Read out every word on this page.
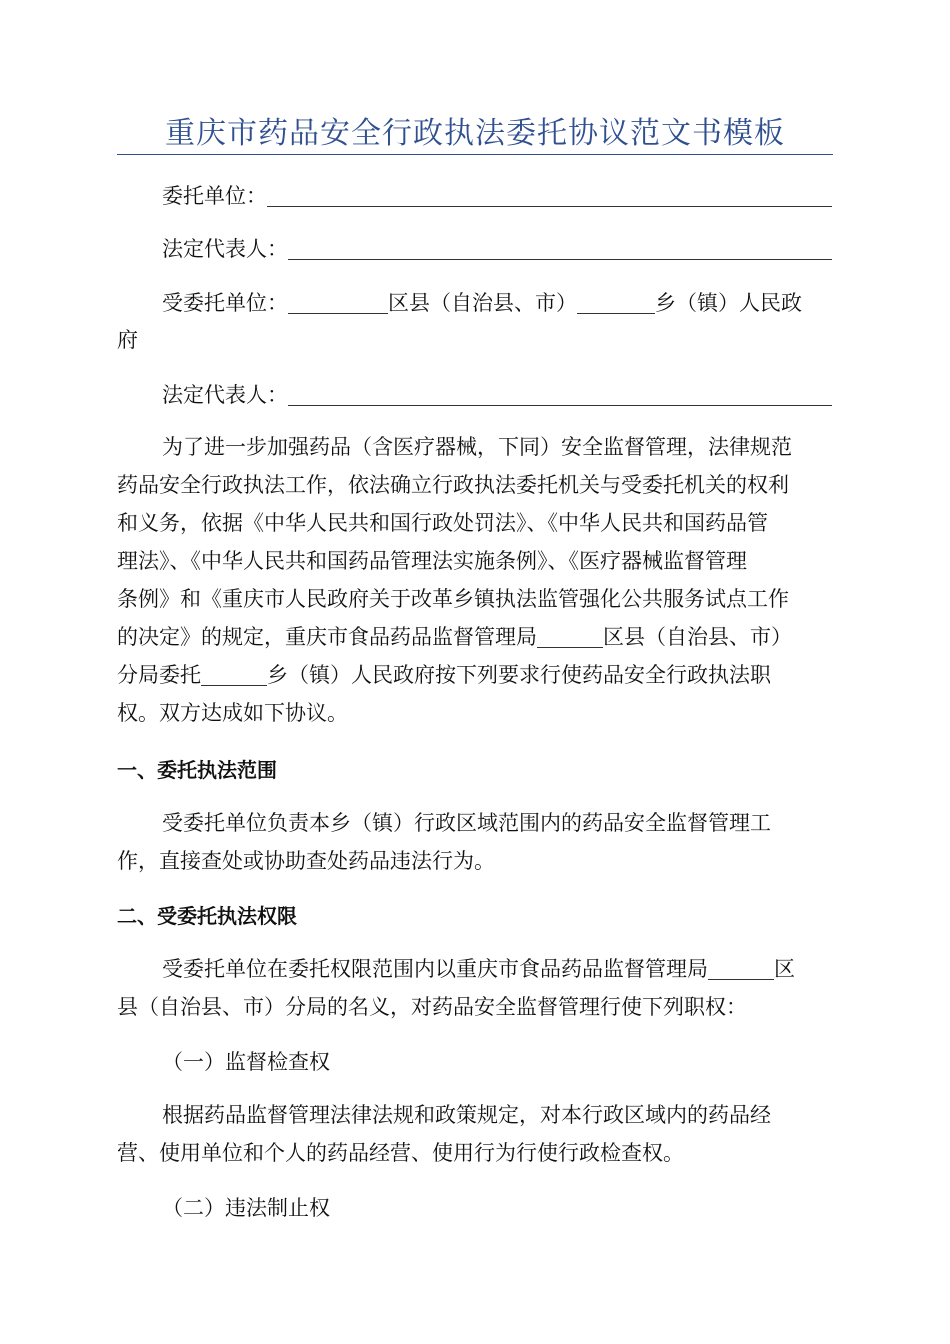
重庆市药品安全行政执法委托协议范文书模板
委托单位：
法定代表人：
受委托单位：	区县（自治县、市）	乡（镇）人民政
府
法定代表人：
为了进一步加强药品（含医疗器械，下同）安全监督管理，法律规范
药品安全行政执法工作，依法确立行政执法委托机关与受委托机关的权利
和义务，依据《中华人民共和国行政处罚法》、《中华人民共和国药品管
理法》、《中华人民共和国药品管理法实施条例》、《医疗器械监督管理
条例》和《重庆市人民政府关于改革乡镇执法监管强化公共服务试点工作
的决定》的规定，重庆市食品药品监督管理局	区县（自治县、市）
分局委托	乡（镇）人民政府按下列要求行使药品安全行政执法职
权。双方达成如下协议。
一、委托执法范围
受委托单位负责本乡（镇）行政区域范围内的药品安全监督管理工
作，直接查处或协助查处药品违法行为。
二、受委托执法权限
受委托单位在委托权限范围内以重庆市食品药品监督管理局	区
县（自治县、市）分局的名义，对药品安全监督管理行使下列职权：
（一）监督检查权
根据药品监督管理法律法规和政策规定，对本行政区域内的药品经
营、使用单位和个人的药品经营、使用行为行使行政检查权。
（二）违法制止权
